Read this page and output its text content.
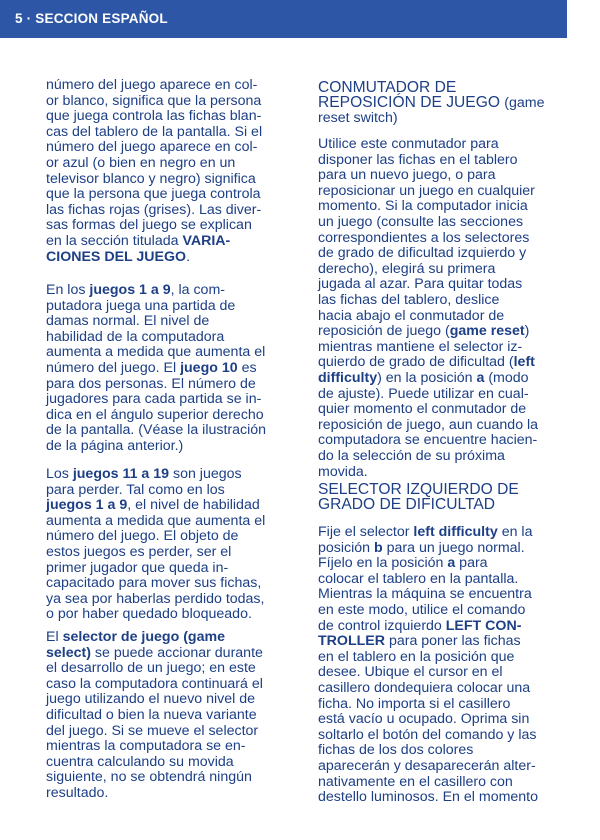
5 · SECCION ESPAÑOL
número del juego aparece en col-
or blanco, significa que la persona
que juega controla las fichas blan-
cas del tablero de la pantalla. Si el
número del juego aparece en col-
or azul (o bien en negro en un
televisor blanco y negro) significa
que la persona que juega controla
las fichas rojas (grises). Las diver-
sas formas del juego se explican
en la sección titulada VARIA-
CIONES DEL JUEGO.
En los juegos 1 a 9, la com-
putadora juega una partida de
damas normal. El nivel de
habilidad de la computadora
aumenta a medida que aumenta el
número del juego. El juego 10 es
para dos personas. El número de
jugadores para cada partida se in-
dica en el ángulo superior derecho
de la pantalla. (Véase la ilustración
de la página anterior.)
Los juegos 11 a 19 son juegos
para perder. Tal como en los
juegos 1 a 9, el nivel de habilidad
aumenta a medida que aumenta el
número del juego. El objeto de
estos juegos es perder, ser el
primer jugador que queda in-
capacitado para mover sus fichas,
ya sea por haberlas perdido todas,
o por haber quedado bloqueado.
El selector de juego (game
select) se puede accionar durante
el desarrollo de un juego; en este
caso la computadora continuará el
juego utilizando el nuevo nivel de
dificultad o bien la nueva variante
del juego. Si se mueve el selector
mientras la computadora se en-
cuentra calculando su movida
siguiente, no se obtendrá ningún
resultado.
CONMUTADOR DE
REPOSICIÓN DE JUEGO (game
reset switch)
Utilice este conmutador para
disponer las fichas en el tablero
para un nuevo juego, o para
reposicionar un juego en cualquier
momento. Si la computador inicia
un juego (consulte las secciones
correspondientes a los selectores
de grado de dificultad izquierdo y
derecho), elegirá su primera
jugada al azar. Para quitar todas
las fichas del tablero, deslice
hacia abajo el conmutador de
reposición de juego (game reset)
mientras mantiene el selector iz-
quierdo de grado de dificultad (left
difficulty) en la posición a (modo
de ajuste). Puede utilizar en cual-
quier momento el conmutador de
reposición de juego, aun cuando la
computadora se encuentre hacien-
do la selección de su próxima
movida.
SELECTOR IZQUIERDO DE
GRADO DE DIFICULTAD
Fije el selector left difficulty en la
posición b para un juego normal.
Fíjelo en la posición a para
colocar el tablero en la pantalla.
Mientras la máquina se encuentra
en este modo, utilice el comando
de control izquierdo LEFT CON-
TROLLER para poner las fichas
en el tablero en la posición que
desee. Ubique el cursor en el
casillero dondequiera colocar una
ficha. No importa si el casillero
está vacío u ocupado. Oprima sin
soltarlo el botón del comando y las
fichas de los dos colores
aparecerán y desaparecerán alter-
nativamente en el casillero con
destello luminosos. En el momento
